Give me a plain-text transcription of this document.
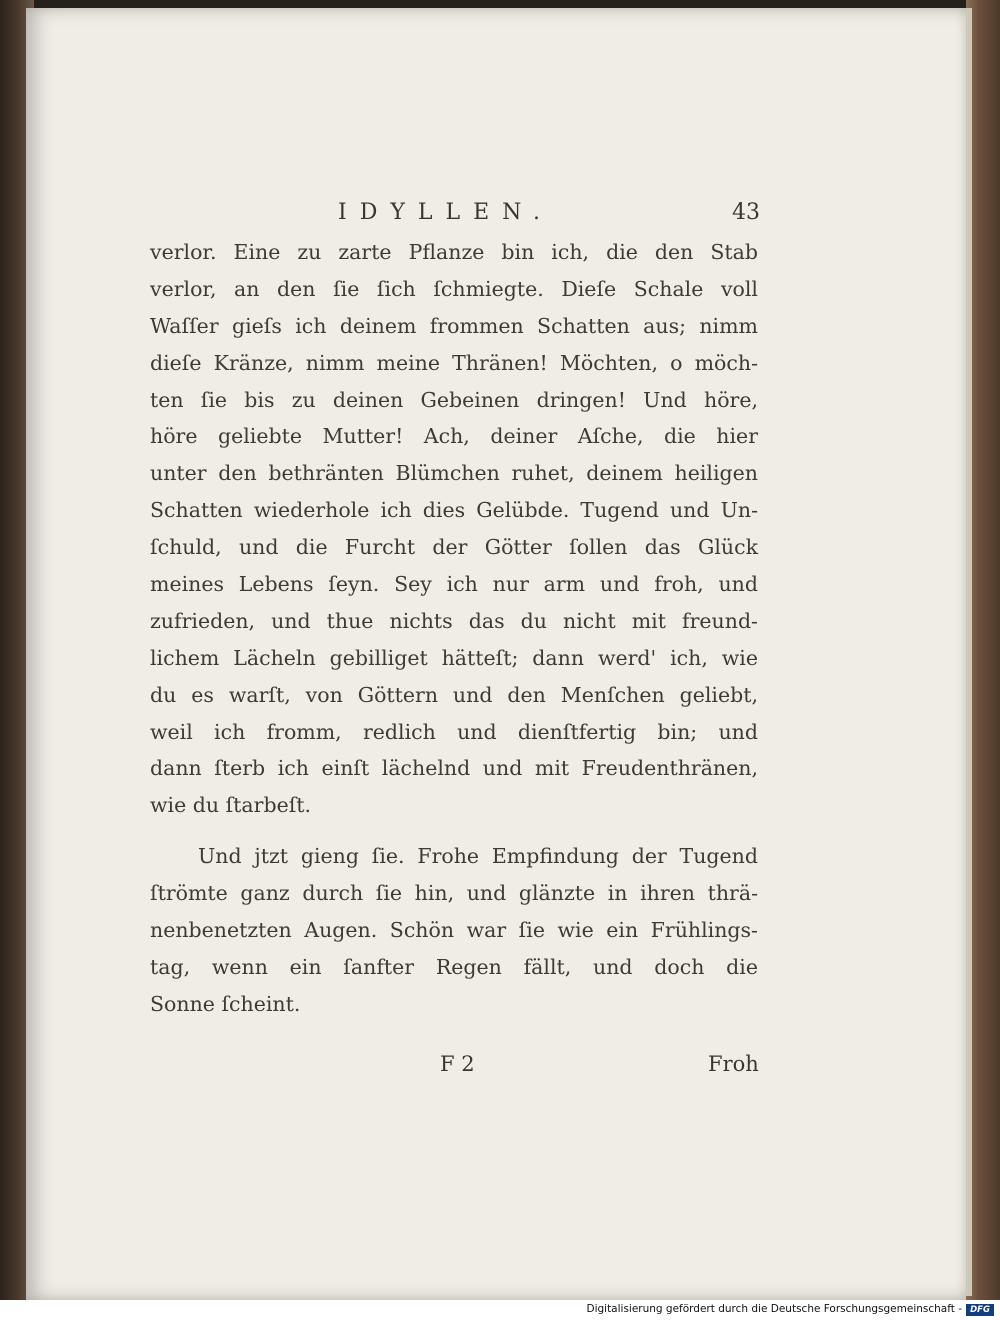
IDYLLEN.	43
verlor. Eine zu zarte Pflanze bin ich, die den Stab
verlor, an den ſie ſich ſchmiegte. Dieſe Schale voll
Waſſer gieſs ich deinem frommen Schatten aus; nimm
dieſe Kränze, nimm meine Thränen! Möchten, o möch-
ten ſie bis zu deinen Gebeinen dringen! Und höre,
höre geliebte Mutter! Ach, deiner Aſche, die hier
unter den bethränten Blümchen ruhet, deinem heiligen
Schatten wiederhole ich dies Gelübde. Tugend und Un-
ſchuld, und die Furcht der Götter ſollen das Glück
meines Lebens ſeyn. Sey ich nur arm und froh, und
zufrieden, und thue nichts das du nicht mit freund-
lichem Lächeln gebilliget hätteſt; dann werd' ich, wie
du es warſt, von Göttern und den Menſchen geliebt,
weil ich fromm, redlich und dienſtfertig bin; und
dann ſterb ich einſt lächelnd und mit Freudenthränen,
wie du ſtarbeſt.
Und jtzt gieng ſie. Frohe Empfindung der Tugend
ſtrömte ganz durch ſie hin, und glänzte in ihren thrä-
nenbenetzten Augen. Schön war ſie wie ein Frühlings-
tag, wenn ein ſanfter Regen fällt, und doch die
Sonne ſcheint.
F 2	Froh
Digitalisierung gefördert durch die Deutsche Forschungsgemeinschaft - DFG
